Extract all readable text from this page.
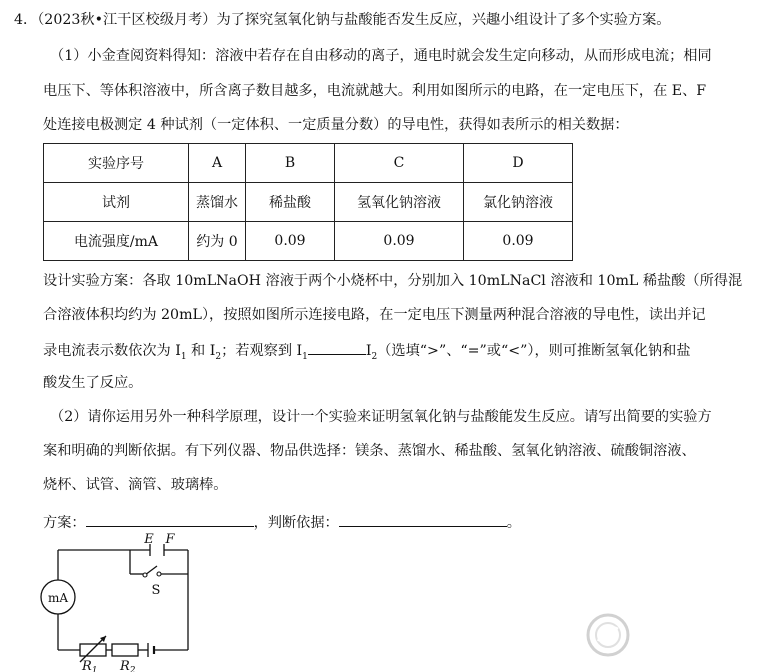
4．（2023秋•江干区校级月考）为了探究氢氧化钠与盐酸能否发生反应，兴趣小组设计了多个实验方案。
（1）小金查阅资料得知：溶液中若存在自由移动的离子，通电时就会发生定向移动，从而形成电流；相同
电压下、等体积溶液中，所含离子数目越多，电流就越大。利用如图所示的电路，在一定电压下，在 E、F
处连接电极测定 4 种试剂（一定体积、一定质量分数）的导电性，获得如表所示的相关数据：
实验序号	A	B	C	D
试剂	蒸馏水	稀盐酸	氢氧化钠溶液	氯化钠溶液
电流强度/mA	约为 0	0.09	0.09	0.09
设计实验方案：各取 10mLNaOH 溶液于两个小烧杯中，分别加入 10mLNaCl 溶液和 10mL 稀盐酸（所得混
合溶液体积均约为 20mL），按照如图所示连接电路，在一定电压下测量两种混合溶液的导电性，读出并记
录电流表示数依次为 $I_1$ 和 $I_2$；若观察到 $I_1$	$I_2$（选填“>”、“=”或“<”），则可推断氢氧化钠和盐
酸发生了反应。
（2）请你运用另外一种科学原理，设计一个实验来证明氢氧化钠与盐酸能发生反应。请写出简要的实验方
案和明确的判断依据。有下列仪器、物品供选择：镁条、蒸馏水、稀盐酸、氢氧化钠溶液、硫酸铜溶液、
烧杯、试管、滴管、玻璃棒。
方案：	，判断依据：	。
mA
E F
S
$R_1$ $R_2$
浙中在线APP
就在你身边
